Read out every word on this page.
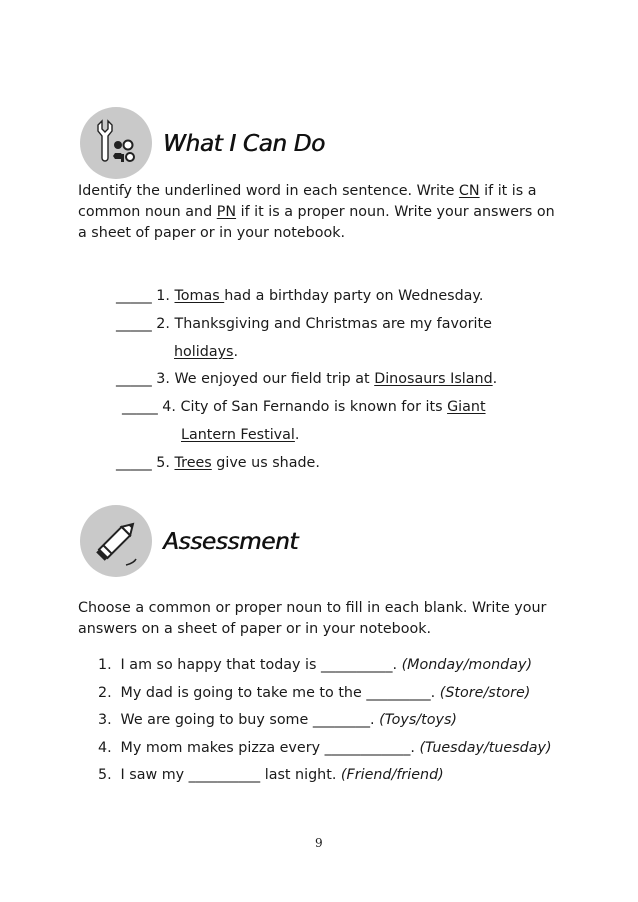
What I Can Do
Identify the underlined word in each sentence. Write CN if it is a common noun and PN if it is a proper noun. Write your answers on a sheet of paper or in your notebook.
_____ 1. Tomas had a birthday party on Wednesday.
_____ 2. Thanksgiving and Christmas are my favorite
holidays.
_____ 3. We enjoyed our field trip at Dinosaurs Island.
_____ 4. City of San Fernando is known for its Giant
Lantern Festival.
_____ 5. Trees give us shade.
Assessment
Choose a common or proper noun to fill in each blank. Write your answers on a sheet of paper or in your notebook.
1. I am so happy that today is __________. (Monday/monday)
2. My dad is going to take me to the _________. (Store/store)
3. We are going to buy some ________. (Toys/toys)
4. My mom makes pizza every ____________. (Tuesday/tuesday)
5. I saw my __________ last night. (Friend/friend)
9
